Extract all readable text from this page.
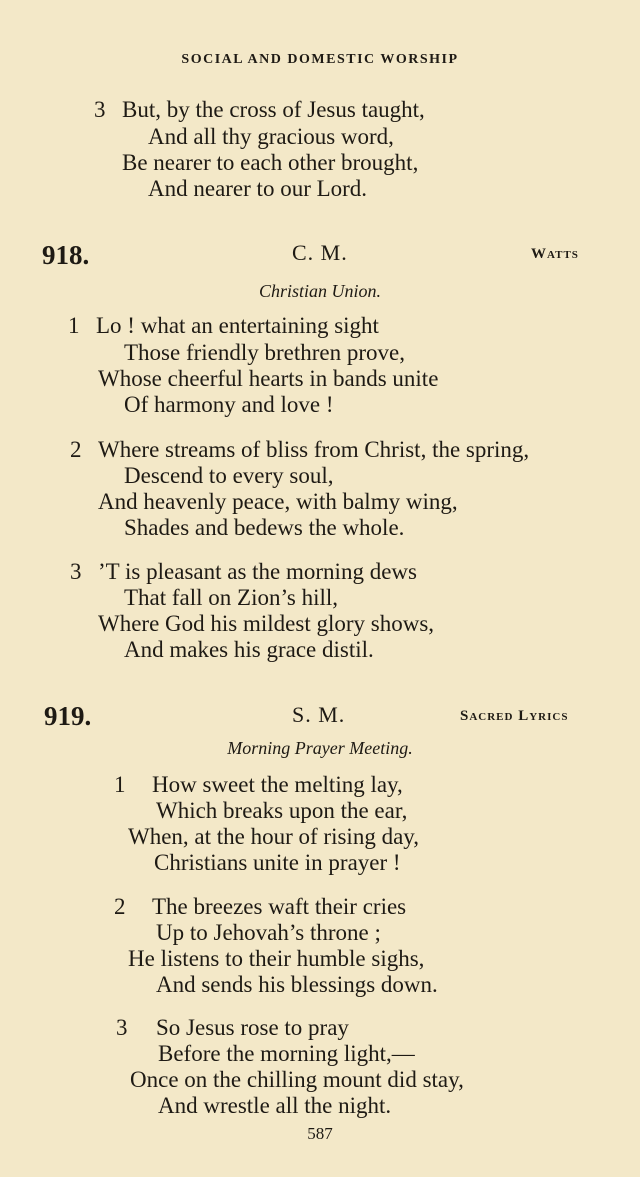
SOCIAL AND DOMESTIC WORSHIP
3 But, by the cross of Jesus taught,
And all thy gracious word,
Be nearer to each other brought,
And nearer to our Lord.
918.	C. M.	Watts
Christian Union.
1 Lo ! what an entertaining sight
Those friendly brethren prove,
Whose cheerful hearts in bands unite
Of harmony and love !
2 Where streams of bliss from Christ, the spring,
Descend to every soul,
And heavenly peace, with balmy wing,
Shades and bedews the whole.
3 ’T is pleasant as the morning dews
That fall on Zion’s hill,
Where God his mildest glory shows,
And makes his grace distil.
919.	S. M.	Sacred Lyrics
Morning Prayer Meeting.
1 How sweet the melting lay,
Which breaks upon the ear,
When, at the hour of rising day,
Christians unite in prayer !
2 The breezes waft their cries
Up to Jehovah’s throne ;
He listens to their humble sighs,
And sends his blessings down.
3 So Jesus rose to pray
Before the morning light,—
Once on the chilling mount did stay,
And wrestle all the night.
587
